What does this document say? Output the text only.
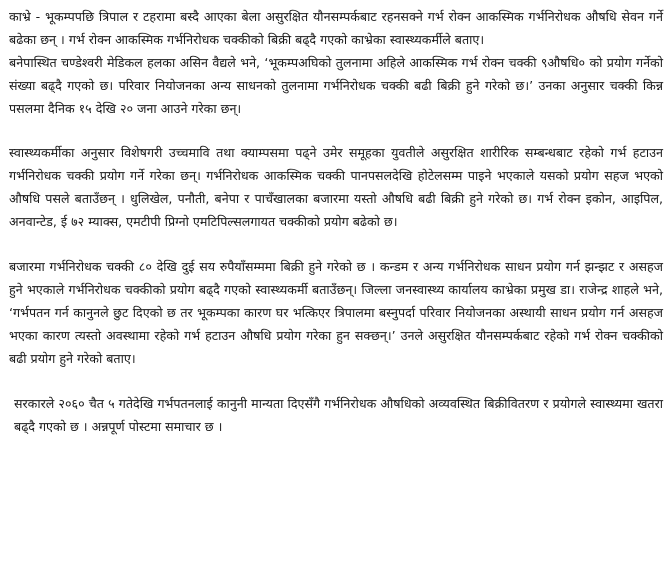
काभ्रे - भूकम्पपछि त्रिपाल र टहरामा बस्दै आएका बेला असुरक्षित यौनसम्पर्कबाट रहनसक्ने गर्भ रोक्न आकस्मिक गर्भनिरोधक औषधि सेवन गर्ने बढेका छन् । गर्भ रोक्न आकस्मिक गर्भनिरोधक चक्कीको बिक्री बढ्दै गएको काभ्रेका स्वास्थ्यकर्मीले बताए।

बनेपास्थित चण्डेश्वरी मेडिकल हलका असिन वैद्यले भने, ‘भूकम्पअघिको तुलनामा अहिले आकस्मिक गर्भ रोक्न चक्की ९औषधि० को प्रयोग गर्नेको संख्या बढ्दै गएको छ। परिवार नियोजनका अन्य साधनको तुलनामा गर्भनिरोधक चक्की बढी बिक्री हुने गरेको छ।’ उनका अनुसार चक्की किन्न पसलमा दैनिक १५ देखि २० जना आउने गरेका छन्।

स्वास्थ्यकर्मीका अनुसार विशेषगरी उच्चमावि तथा क्याम्पसमा पढ्ने उमेर समूहका युवतीले असुरक्षित शारीरिक सम्बन्धबाट रहेको गर्भ हटाउन गर्भनिरोधक चक्की प्रयोग गर्ने गरेका छन्। गर्भनिरोधक आकस्मिक चक्की पानपसलदेखि होटेलसम्म पाइने भएकाले यसको प्रयोग सहज भएको औषधि पसले बताउँछन् । धुलिखेल, पनौती, बनेपा र पाचँखालका बजारमा यस्तो औषधि बढी बिक्री हुने गरेको छ। गर्भ रोक्न इकोन, आइपिल, अनवान्टेड, ई ७२ म्याक्स, एमटीपी प्रिग्नो एमटिपिल्सलगायत चक्कीको प्रयोग बढेको छ।

बजारमा गर्भनिरोधक चक्की ८० देखि दुई सय रुपैयाँसम्ममा बिक्री हुने गरेको छ । कन्डम र अन्य गर्भनिरोधक साधन प्रयोग गर्न झन्झट र असहज हुने भएकाले गर्भनिरोधक चक्कीको प्रयोग बढ्दै गएको स्वास्थ्यकर्मी बताउँछन्। जिल्ला जनस्वास्थ्य कार्यालय काभ्रेका प्रमुख डा। राजेन्द्र शाहले भने, ‘गर्भपतन गर्न कानुनले छुट दिएको छ तर भूकम्पका कारण घर भत्किएर त्रिपालमा बस्नुपर्दा परिवार नियोजनका अस्थायी साधन प्रयोग गर्न असहज भएका कारण त्यस्तो अवस्थामा रहेको गर्भ हटाउन औषधि प्रयोग गरेका हुन सक्छन्।’ उनले असुरक्षित यौनसम्पर्कबाट रहेको गर्भ रोक्न चक्कीको बढी प्रयोग हुने गरेको बताए।

सरकारले २०६० चैत ५ गतेदेखि गर्भपतनलाई कानुनी मान्यता दिएसँगै गर्भनिरोधक औषधिको अव्यवस्थित बिक्रीवितरण र प्रयोगले स्वास्थ्यमा खतरा बढ्दै गएको छ । अन्नपूर्ण पोस्टमा समाचार छ ।
